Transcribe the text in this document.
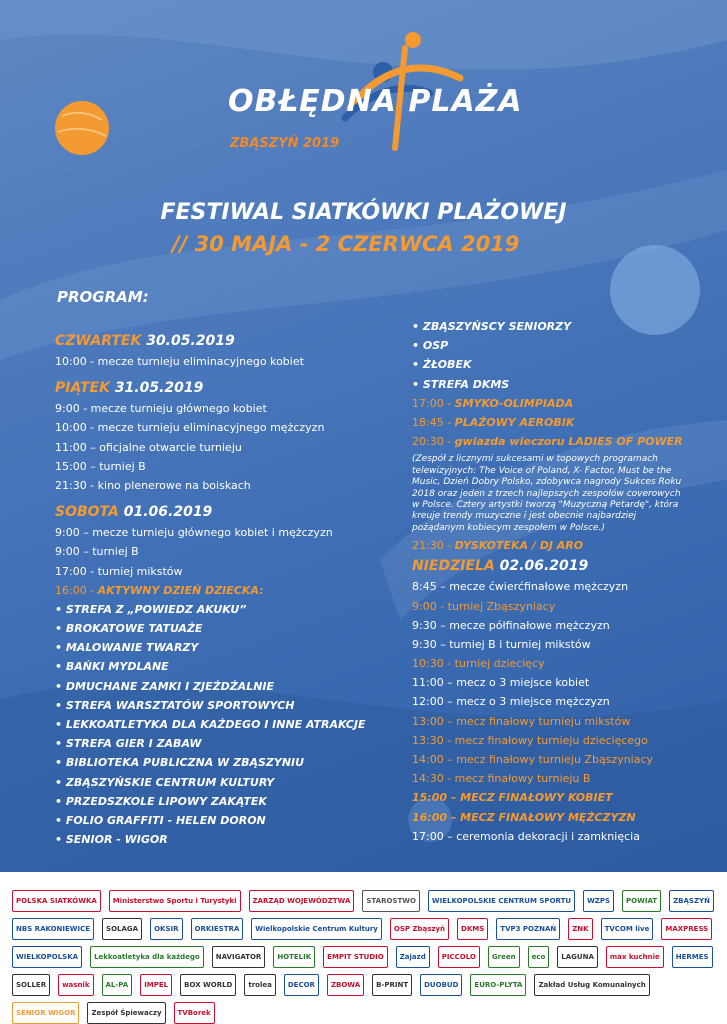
OBŁĘDNA PLAŻA
ZBĄSZYŃ 2019
FESTIWAL SIATKÓWKI PLAŻOWEJ
// 30 MAJA - 2 CZERWCA 2019
PROGRAM:
CZWARTEK 30.05.2019
10:00 - mecze turnieju eliminacyjnego kobiet
PIĄTEK 31.05.2019
9:00 - mecze turnieju głównego kobiet
10:00 - mecze turnieju eliminacyjnego mężczyzn
11:00 – oficjalne otwarcie turnieju
15:00 – turniej B
21:30 - kino plenerowe na boiskach
SOBOTA 01.06.2019
9:00 – mecze turnieju głównego kobiet i mężczyzn
9:00 – turniej B
17:00 - turniej mikstów
16:00 - AKTYWNY DZIEŃ DZIECKA:
• STREFA Z „POWIEDZ AKUKU”
• BROKATOWE TATUAŻE
• MALOWANIE TWARZY
• BAŃKI MYDLANE
• DMUCHANE ZAMKI I ZJEŻDŻALNIE
• STREFA WARSZTATÓW SPORTOWYCH
• LEKKOATLETYKA DLA KAŻDEGO I INNE ATRAKCJE
• STREFA GIER I ZABAW
• BIBLIOTEKA PUBLICZNA W ZBĄSZYNIU
• ZBĄSZYŃSKIE CENTRUM KULTURY
• PRZEDSZKOLE LIPOWY ZAKĄTEK
• FOLIO GRAFFITI - HELEN DORON
• SENIOR - WIGOR
• ZBĄSZYŃSCY SENIORZY
• OSP
• ŻŁOBEK
• STREFA DKMS
17:00 - SMYKO-OLIMPIADA
18:45 - PLAŻOWY AEROBIK
20:30 - gwiazda wieczoru LADIES OF POWER
(Zespół z licznymi sukcesami w topowych programach telewizyjnych: The Voice of Poland, X- Factor, Must be the Music, Dzień Dobry Polsko, zdobywca nagrody Sukces Roku 2018 oraz jeden z trzech najlepszych zespołów coverowych w Polsce. Cztery artystki tworzą "Muzyczną Petardę", która kreuje trendy muzyczne i jest obecnie najbardziej pożądanym kobiecym zespołem w Polsce.)
21:30 - DYSKOTEKA / DJ ARO
NIEDZIELA 02.06.2019
8:45 – mecze ćwierćfinałowe mężczyzn
9:00 - turniej Zbąszyniacy
9:30 – mecze półfinałowe mężczyzn
9:30 – turniej B i turniej mikstów
10:30 - turniej dziecięcy
11:00 – mecz o 3 miejsce kobiet
12:00 – mecz o 3 miejsce mężczyzn
13:00 – mecz finałowy turnieju mikstów
13:30 - mecz finałowy turnieju dziecięcego
14:00 – mecz finałowy turnieju Zbąszyniacy
14:30 - mecz finałowy turnieju B
15:00 – MECZ FINAŁOWY KOBIET
16:00 – MECZ FINAŁOWY MĘŻCZYZN
17:00 – ceremonia dekoracji i zamknięcia
POLSKA SIATKÓWKA	Ministerstwo Sportu i Turystyki	ZARZĄD WOJEWÓDZTWA	STAROSTWO	WIELKOPOLSKIE CENTRUM SPORTU	WZPS	POWIAT	ZBĄSZYŃ
NBS RAKONIEWICE	SOLAGA	OKSIR	ORKIESTRA	Wielkopolskie Centrum Kultury	OSP Zbąszyń	DKMS	TVP3 POZNAŃ	ZNK	TVCOM live	MAXPRESS
WIELKOPOLSKA	Lekkoatletyka dla każdego	NAVIGATOR	HOTELIK	EMPIT STUDIO	Zajazd	PICCOLO	Green	eco	LAGUNA	max kuchnie	HERMES
SOLLER	wasnik	AL-PA	IMPEL	BOX WORLD	trolea	DECOR	ZBOWA	B-PRINT	DUOBUD	EURO-PLYTA	Zakład Usług Komunalnych
SENIOR WIGOR	Zespół Śpiewaczy	TVBorek
